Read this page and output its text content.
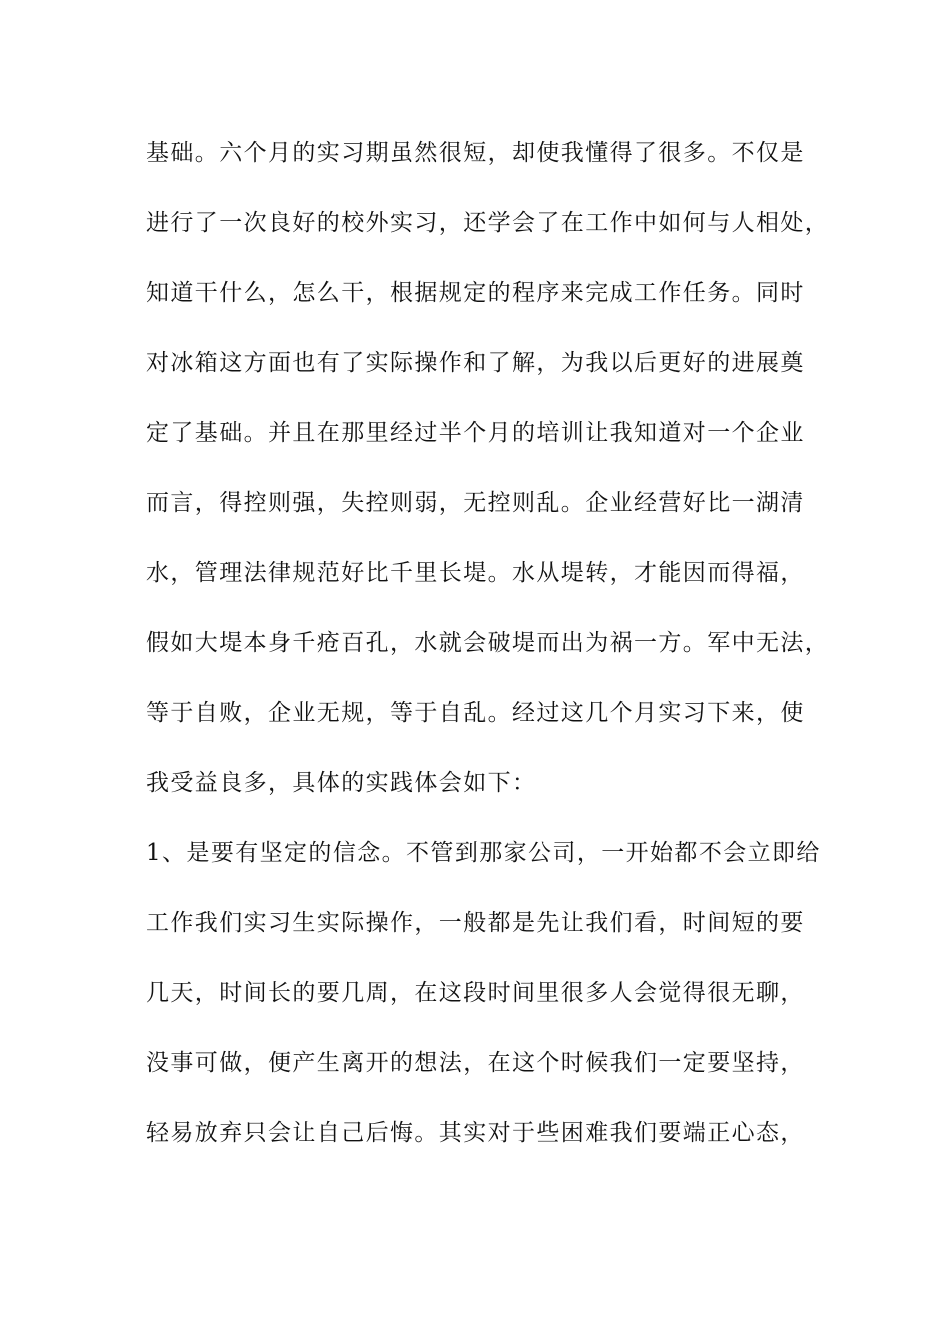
基础。六个月的实习期虽然很短，却使我懂得了很多。不仅是
进行了一次良好的校外实习，还学会了在工作中如何与人相处，
知道干什么，怎么干，根据规定的程序来完成工作任务。同时
对冰箱这方面也有了实际操作和了解，为我以后更好的进展奠
定了基础。并且在那里经过半个月的培训让我知道对一个企业
而言，得控则强，失控则弱，无控则乱。企业经营好比一湖清
水，管理法律规范好比千里长堤。水从堤转，才能因而得福，
假如大堤本身千疮百孔，水就会破堤而出为祸一方。军中无法，
等于自败，企业无规，等于自乱。经过这几个月实习下来，使
我受益良多，具体的实践体会如下：
1、是要有坚定的信念。不管到那家公司，一开始都不会立即给
工作我们实习生实际操作，一般都是先让我们看，时间短的要
几天，时间长的要几周，在这段时间里很多人会觉得很无聊，
没事可做，便产生离开的想法，在这个时候我们一定要坚持，
轻易放弃只会让自己后悔。其实对于些困难我们要端正心态，
